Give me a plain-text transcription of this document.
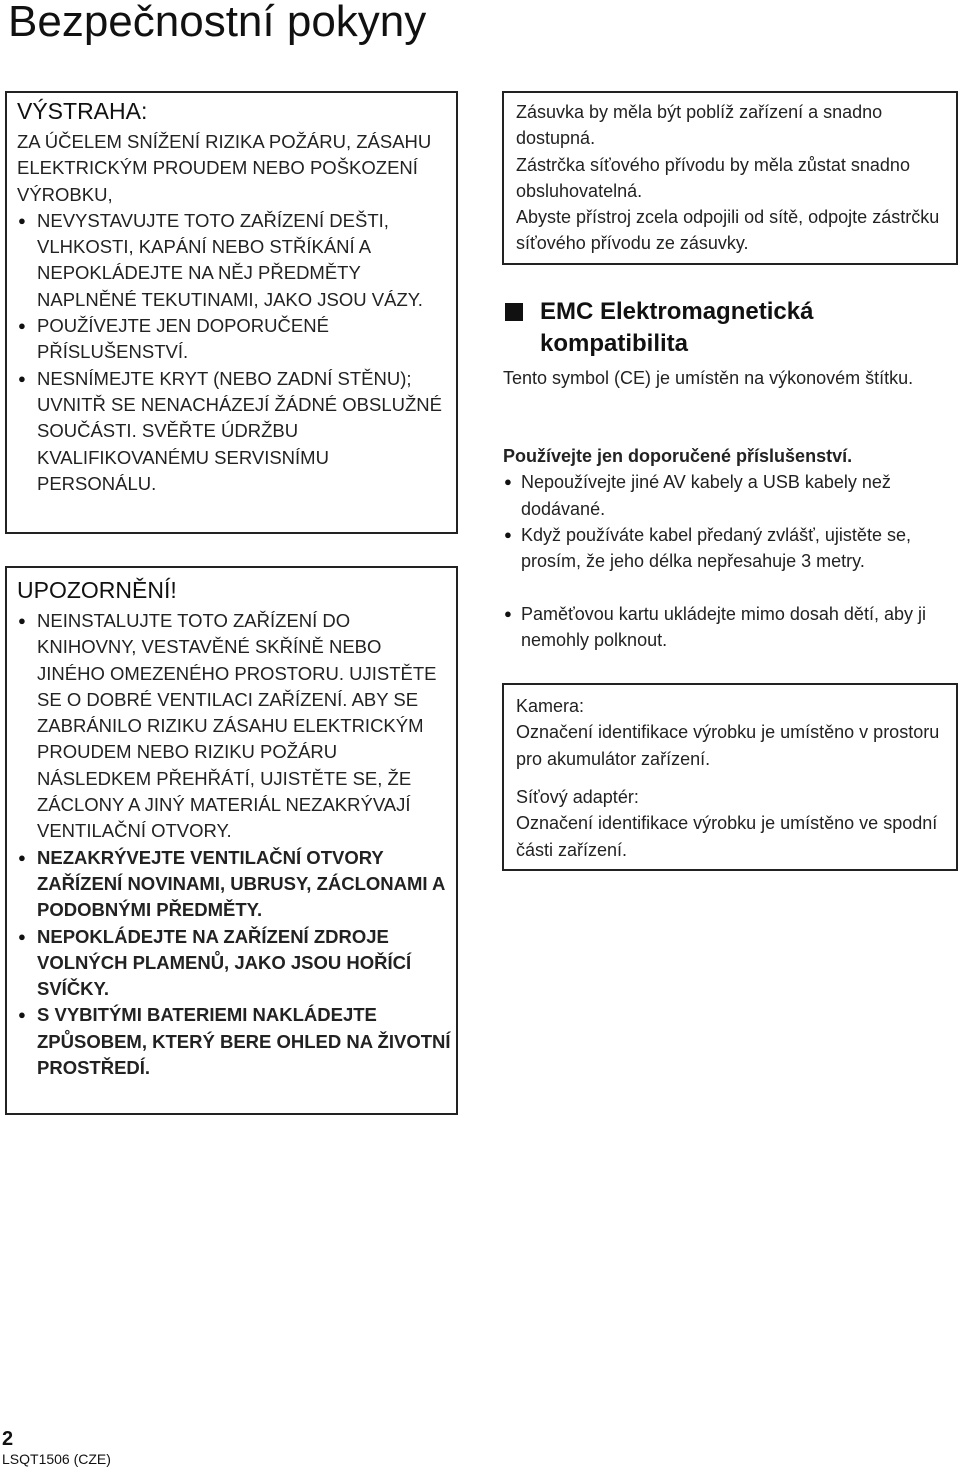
Bezpečnostní pokyny
VÝSTRAHA:

ZA ÚČELEM SNÍŽENÍ RIZIKA POŽÁRU, ZÁSAHU ELEKTRICKÝM PROUDEM NEBO POŠKOZENÍ VÝROBKU,

● NEVYSTAVUJTE TOTO ZAŘÍZENÍ DEŠTI, VLHKOSTI, KAPÁNÍ NEBO STŘÍKÁNÍ A NEPOKLÁDEJTE NA NĚJ PŘEDMĚTY NAPLNĚNÉ TEKUTINAMI, JAKO JSOU VÁZY.
● POUŽÍVEJTE JEN DOPORUČENÉ PŘÍSLUŠENSTVÍ.
● NESNÍMEJTE KRYT (NEBO ZADNÍ STĚNU); UVNITŘ SE NENACHÁZEJÍ ŽÁDNÉ OBSLUŽNÉ SOUČÁSTI. SVĚŘTE ÚDRŽBU KVALIFIKOVANÉMU SERVISNÍMU PERSONÁLU.
UPOZORNĚNÍ!
● NEINSTALUJTE TOTO ZAŘÍZENÍ DO KNIHOVNY, VESTAVĚNÉ SKŘÍNĚ NEBO JINÉHO OMEZENÉHO PROSTORU. UJISTĚTE SE O DOBRÉ VENTILACI ZAŘÍZENÍ. ABY SE ZABRÁNILO RIZIKU ZÁSAHU ELEKTRICKÝM PROUDEM NEBO RIZIKU POŽÁRU NÁSLEDKEM PŘEHŘÁTÍ, UJISTĚTE SE, ŽE ZÁCLONY A JINÝ MATERIÁL NEZAKRÝVAJÍ VENTILAČNÍ OTVORY.
● NEZAKRÝVEJTE VENTILAČNÍ OTVORY ZAŘÍZENÍ NOVINAMI, UBRUSY, ZÁCLONAMI A PODOBNÝMI PŘEDMĚTY.
● NEPOKLÁDEJTE NA ZAŘÍZENÍ ZDROJE VOLNÝCH PLAMENŮ, JAKO JSOU HOŘÍCÍ SVÍČKY.
● S VYBITÝMI BATERIEMI NAKLÁDEJTE ZPŮSOBEM, KTERÝ BERE OHLED NA ŽIVOTNÍ PROSTŘEDÍ.

Zásuvka by měla být poblíž zařízení a snadno dostupná.

Zástrčka síťového přívodu by měla zůstat snadno obsluhovatelná.

Abyste přístroj zcela odpojili od sítě, odpojte zástrčku síťového přívodu ze zásuvky.

EMC Elektromagnetická kompatibilita
Tento symbol (CE) je umístěn na výkonovém štítku.

Používejte jen doporučené příslušenství.

● Nepoužívejte jiné AV kabely a USB kabely než dodávané.
● Když používáte kabel předaný zvlášť, ujistěte se, prosím, že jeho délka nepřesahuje 3 metry.
● Paměťovou kartu ukládejte mimo dosah dětí, aby ji nemohly polknout.

Kamera:

Označení identifikace výrobku je umístěno v prostoru pro akumulátor zařízení.

Síťový adaptér:

Označení identifikace výrobku je umístěno ve spodní části zařízení.

2
LSQT1506 (CZE)
